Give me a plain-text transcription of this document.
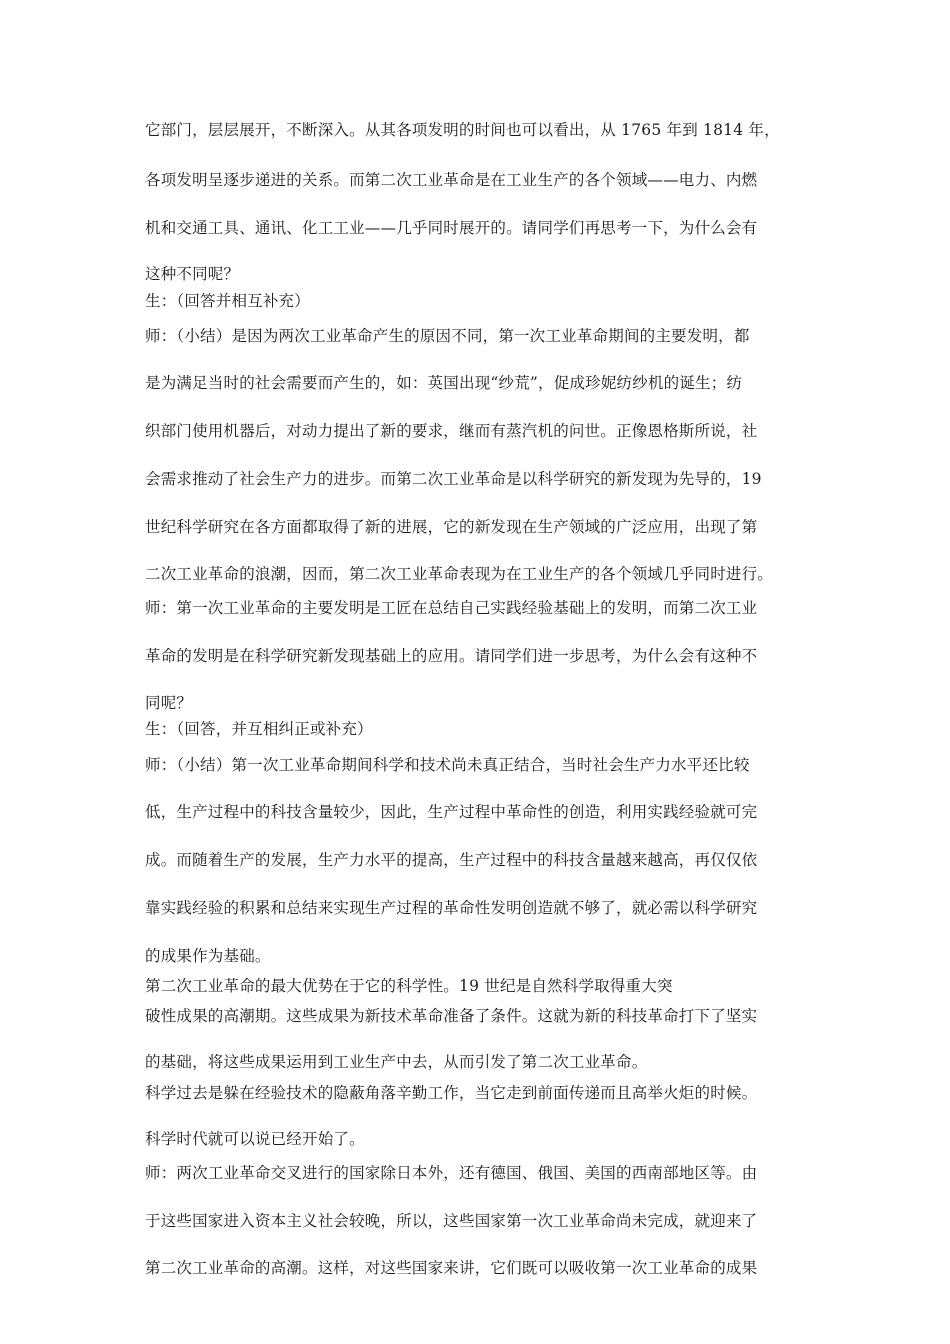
它部门，层层展开，不断深入。从其各项发明的时间也可以看出，从 1765 年到 1814 年，
各项发明呈逐步递进的关系。而第二次工业革命是在工业生产的各个领域——电力、内燃
机和交通工具、通讯、化工工业——几乎同时展开的。请同学们再思考一下，为什么会有
这种不同呢？
生：（回答并相互补充）
师：（小结）是因为两次工业革命产生的原因不同，第一次工业革命期间的主要发明，都
是为满足当时的社会需要而产生的，如：英国出现“纱荒”，促成珍妮纺纱机的诞生；纺
织部门使用机器后，对动力提出了新的要求，继而有蒸汽机的问世。正像恩格斯所说，社
会需求推动了社会生产力的进步。而第二次工业革命是以科学研究的新发现为先导的，19
世纪科学研究在各方面都取得了新的进展，它的新发现在生产领域的广泛应用，出现了第
二次工业革命的浪潮，因而，第二次工业革命表现为在工业生产的各个领域几乎同时进行。
师：第一次工业革命的主要发明是工匠在总结自己实践经验基础上的发明，而第二次工业
革命的发明是在科学研究新发现基础上的应用。请同学们进一步思考，为什么会有这种不
同呢？
生：（回答，并互相纠正或补充）
师：（小结）第一次工业革命期间科学和技术尚未真正结合，当时社会生产力水平还比较
低，生产过程中的科技含量较少，因此，生产过程中革命性的创造，利用实践经验就可完
成。而随着生产的发展，生产力水平的提高，生产过程中的科技含量越来越高，再仅仅依
靠实践经验的积累和总结来实现生产过程的革命性发明创造就不够了，就必需以科学研究
的成果作为基础。
第二次工业革命的最大优势在于它的科学性。19 世纪是自然科学取得重大突
破性成果的高潮期。这些成果为新技术革命准备了条件。这就为新的科技革命打下了坚实
的基础，将这些成果运用到工业生产中去，从而引发了第二次工业革命。
科学过去是躲在经验技术的隐蔽角落辛勤工作，当它走到前面传递而且高举火炬的时候。
科学时代就可以说已经开始了。
师：两次工业革命交叉进行的国家除日本外，还有德国、俄国、美国的西南部地区等。由
于这些国家进入资本主义社会较晚，所以，这些国家第一次工业革命尚未完成，就迎来了
第二次工业革命的高潮。这样，对这些国家来讲，它们既可以吸收第一次工业革命的成果
